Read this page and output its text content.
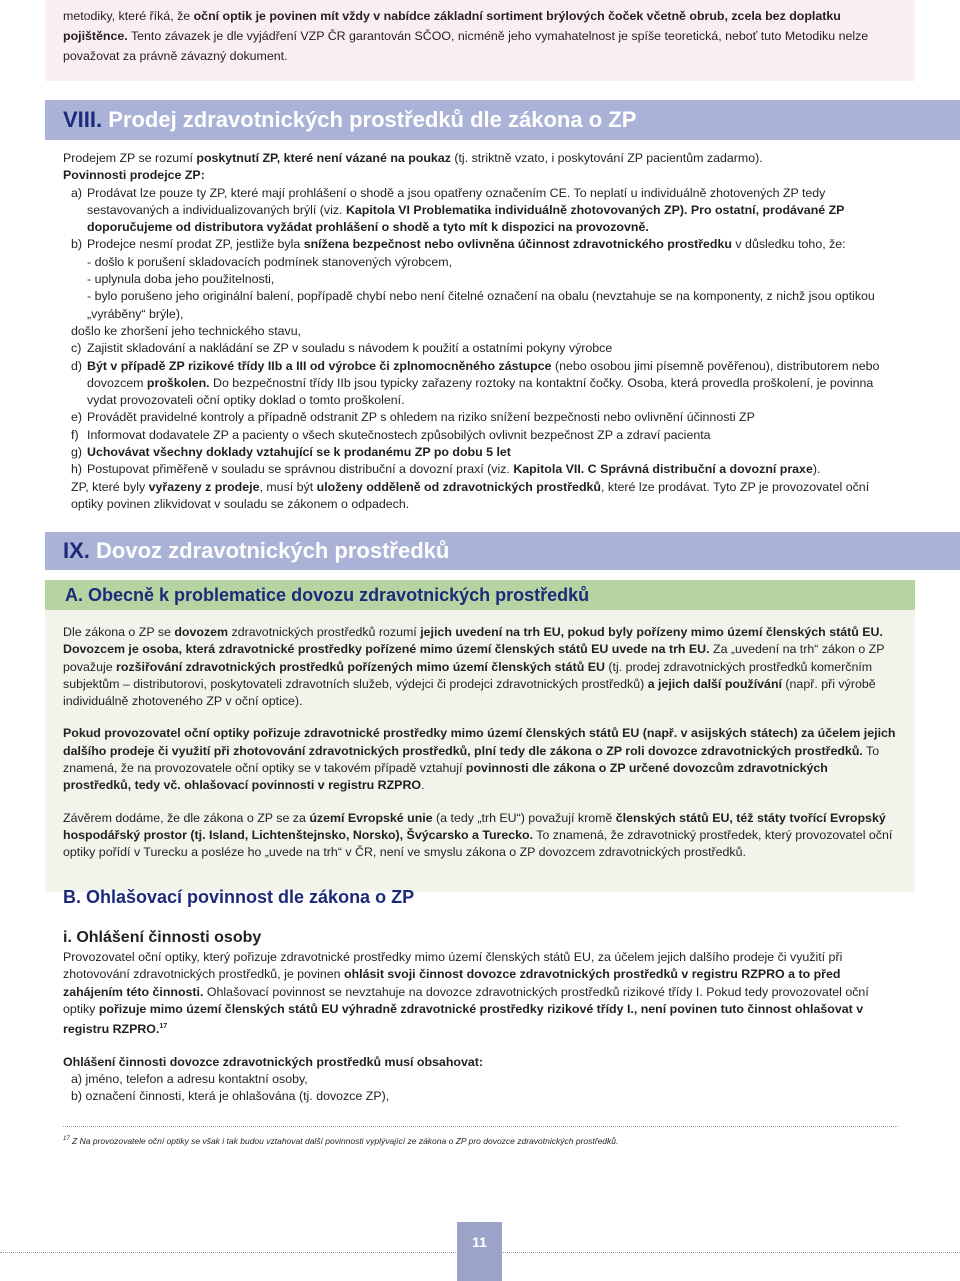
metodiky, které říká, že oční optik je povinen mít vždy v nabídce základní sortiment brýlových čoček včetně obrub, zcela bez doplatku pojištěnce. Tento závazek je dle vyjádření VZP ČR garantován SČOO, nicméně jeho vymahatelnost je spíše teoretická, neboť tuto Metodiku nelze považovat za právně závazný dokument.

VIII. Prodej zdravotnických prostředků dle zákona o ZP

Prodejem ZP se rozumí poskytnutí ZP, které není vázané na poukaz (tj. striktně vzato, i poskytování ZP pacientům zadarmo).

Povinnosti prodejce ZP:

a) Prodávat lze pouze ty ZP, které mají prohlášení o shodě a jsou opatřeny označením CE. To neplatí u individuálně zhotovených ZP tedy sestavovaných a individualizovaných brýlí (viz. Kapitola VI Problematika individuálně zhotovovaných ZP). Pro ostatní, prodávané ZP doporučujeme od distributora vyžádat prohlášení o shodě a tyto mít k dispozici na provozovně.

b) Prodejce nesmí prodat ZP, jestliže byla snížena bezpečnost nebo ovlivněna účinnost zdravotnického prostředku v důsledku toho, že:

- došlo k porušení skladovacích podmínek stanovených výrobcem,

- uplynula doba jeho použitelnosti,

- bylo porušeno jeho originální balení, popřípadě chybí nebo není čitelné označení na obalu (nevztahuje se na komponenty, z nichž jsou optikou „vyráběny“ brýle),

došlo ke zhoršení jeho technického stavu,

c) Zajistit skladování a nakládání se ZP v souladu s návodem k použití a ostatními pokyny výrobce

d) Být v případě ZP rizikové třídy IIb a III od výrobce či zplnomocněného zástupce (nebo osobou jimi písemně pověřenou), distributorem nebo dovozcem proškolen. Do bezpečnostní třídy IIb jsou typicky zařazeny roztoky na kontaktní čočky. Osoba, která provedla proškolení, je povinna vydat provozovateli oční optiky doklad o tomto proškolení.

e) Provádět pravidelné kontroly a případně odstranit ZP s ohledem na riziko snížení bezpečnosti nebo ovlivnění účinnosti ZP

f) Informovat dodavatele ZP a pacienty o všech skutečnostech způsobilých ovlivnit bezpečnost ZP a zdraví pacienta

g) Uchovávat všechny doklady vztahující se k prodanému ZP po dobu 5 let

h) Postupovat přiměřeně v souladu se správnou distribuční a dovozní praxí (viz. Kapitola VII. C Správná distribuční a dovozní praxe).

ZP, které byly vyřazeny z prodeje, musí být uloženy odděleně od zdravotnických prostředků, které lze prodávat. Tyto ZP je provozovatel oční optiky povinen zlikvidovat v souladu se zákonem o odpadech.

IX. Dovoz zdravotnických prostředků
A. Obecně k problematice dovozu zdravotnických prostředků

Dle zákona o ZP se dovozem zdravotnických prostředků rozumí jejich uvedení na trh EU, pokud byly pořízeny mimo území členských států EU. Dovozcem je osoba, která zdravotnické prostředky pořízené mimo území členských států EU uvede na trh EU. Za „uvedení na trh“ zákon o ZP považuje rozšiřování zdravotnických prostředků pořízených mimo území členských států EU (tj. prodej zdravotnických prostředků komerčním subjektům – distributorovi, poskytovateli zdravotních služeb, výdejci či prodejci zdravotnických prostředků) a jejich další používání (např. při výrobě individuálně zhotoveného ZP v oční optice).

Pokud provozovatel oční optiky pořizuje zdravotnické prostředky mimo území členských států EU (např. v asijských státech) za účelem jejich dalšího prodeje či využití při zhotovování zdravotnických prostředků, plní tedy dle zákona o ZP roli dovozce zdravotnických prostředků. To znamená, že na provozovatele oční optiky se v takovém případě vztahují povinnosti dle zákona o ZP určené dovozcům zdravotnických prostředků, tedy vč. ohlašovací povinnosti v registru RZPRO.

Závěrem dodáme, že dle zákona o ZP se za území Evropské unie (a tedy „trh EU“) považují kromě členských států EU, též státy tvořící Evropský hospodářský prostor (tj. Island, Lichtenštejnsko, Norsko), Švýcarsko a Turecko. To znamená, že zdravotnický prostředek, který provozovatel oční optiky pořídí v Turecku a posléze ho „uvede na trh“ v ČR, není ve smyslu zákona o ZP dovozcem zdravotnických prostředků.

B. Ohlašovací povinnost dle zákona o ZP
i. Ohlášení činnosti osoby

Provozovatel oční optiky, který pořizuje zdravotnické prostředky mimo území členských států EU, za účelem jejich dalšího prodeje či využití při zhotovování zdravotnických prostředků, je povinen ohlásit svoji činnost dovozce zdravotnických prostředků v registru RZPRO a to před zahájením této činnosti. Ohlašovací povinnost se nevztahuje na dovozce zdravotnických prostředků rizikové třídy I. Pokud tedy provozovatel oční optiky pořizuje mimo území členských států EU výhradně zdravotnické prostředky rizikové třídy I., není povinen tuto činnost ohlašovat v registru RZPRO.$^{17}$

Ohlášení činnosti dovozce zdravotnických prostředků musí obsahovat:

a) jméno, telefon a adresu kontaktní osoby,

b) označení činnosti, která je ohlašována (tj. dovozce ZP),

$^{17}$ Z Na provozovatele oční optiky se však i tak budou vztahovat další povinnosti vyplývající ze zákona o ZP pro dovozce zdravotnických prostředků.
11
